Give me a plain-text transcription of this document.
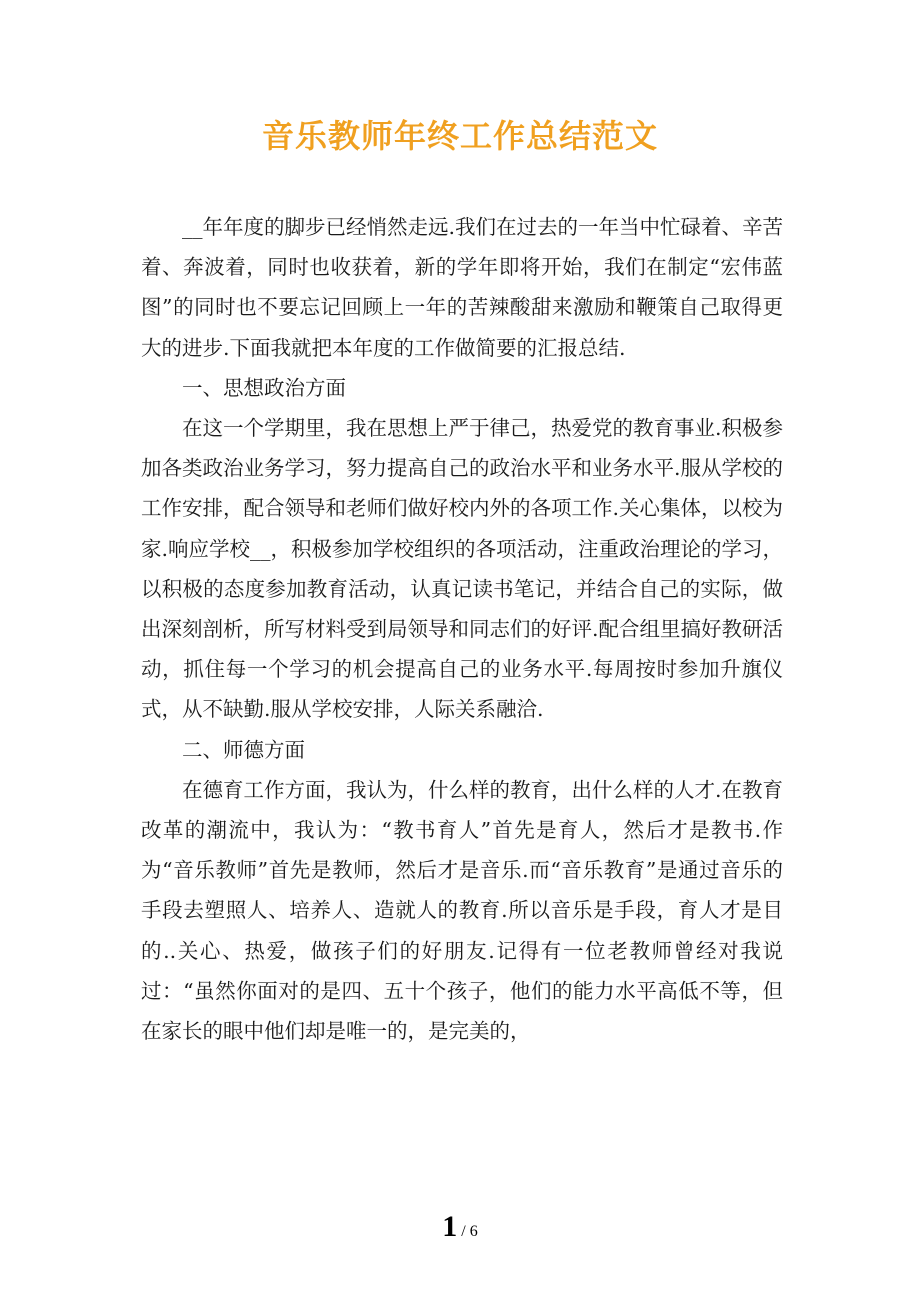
音乐教师年终工作总结范文

__年年度的脚步已经悄然走远.我们在过去的一年当中忙碌着、辛苦着、奔波着，同时也收获着，新的学年即将开始，我们在制定“宏伟蓝图”的同时也不要忘记回顾上一年的苦辣酸甜来激励和鞭策自己取得更大的进步.下面我就把本年度的工作做简要的汇报总结.

一、思想政治方面

在这一个学期里，我在思想上严于律己，热爱党的教育事业.积极参加各类政治业务学习，努力提高自己的政治水平和业务水平.服从学校的工作安排，配合领导和老师们做好校内外的各项工作.关心集体，以校为家.响应学校__，积极参加学校组织的各项活动，注重政治理论的学习，以积极的态度参加教育活动，认真记读书笔记，并结合自己的实际，做出深刻剖析，所写材料受到局领导和同志们的好评.配合组里搞好教研活动，抓住每一个学习的机会提高自己的业务水平.每周按时参加升旗仪式，从不缺勤.服从学校安排，人际关系融洽.

二、师德方面

在德育工作方面，我认为，什么样的教育，出什么样的人才.在教育改革的潮流中，我认为：“教书育人”首先是育人，然后才是教书.作为“音乐教师”首先是教师，然后才是音乐.而“音乐教育”是通过音乐的手段去塑照人、培养人、造就人的教育.所以音乐是手段，育人才是目的..关心、热爱，做孩子们的好朋友.记得有一位老教师曾经对我说过：“虽然你面对的是四、五十个孩子，他们的能力水平高低不等，但在家长的眼中他们却是唯一的，是完美的，

1 / 6
